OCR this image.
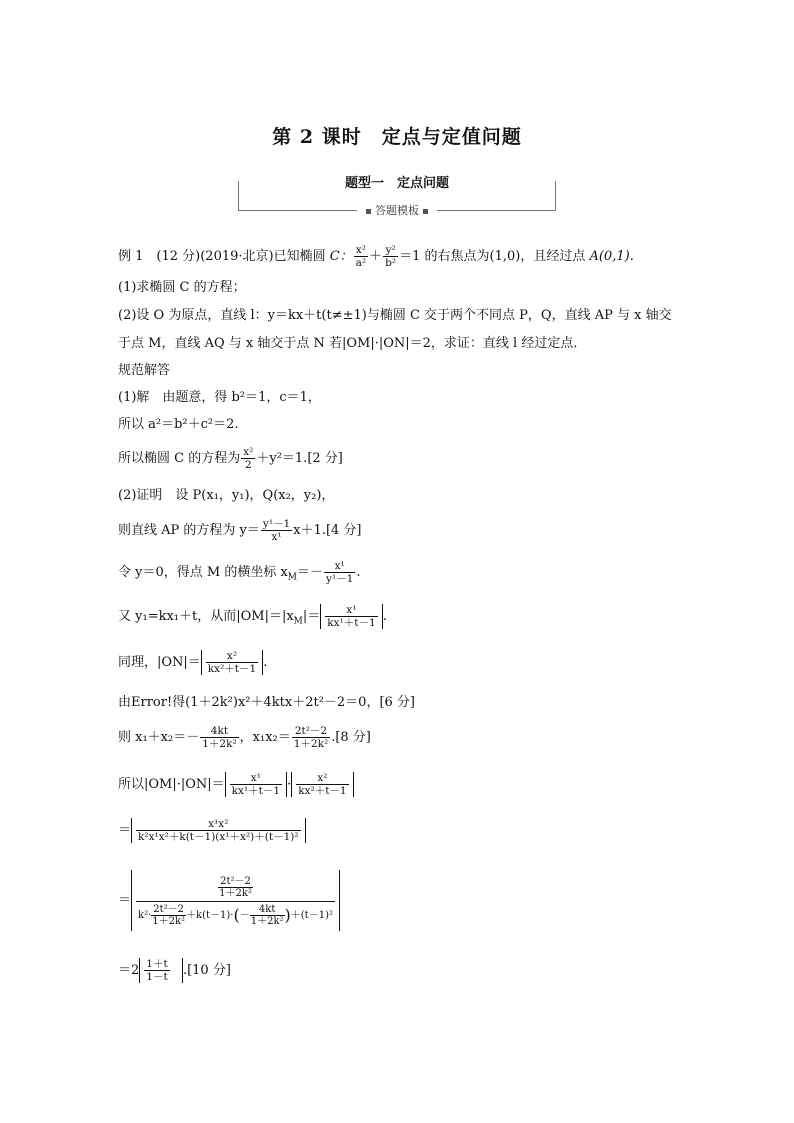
第 2 课时　定点与定值问题
题型一　定点问题
答题模板
例 1　(12 分)(2019·北京)已知椭圆 C： $\frac{\text{x²}}{\text{a²}} + \frac{\text{y²}}{\text{b²}} =1$ 的右焦点为(1,0)，且经过点 A(0,1)．
(1)求椭圆 C 的方程；
(2)设 O 为原点，直线 l：y＝kx＋t(t≠±1)与椭圆 C 交于两个不同点 P，Q，直线 AP 与 x 轴交
于点 M，直线 AQ 与 x 轴交于点 N 若|OM|·|ON|＝2，求证：直线 l 经过定点．
规范解答
(1)解　由题意，得 b²＝1，c＝1，
所以 a²＝b²＋c²＝2.
所以椭圆 C 的方程为 $\frac{\text{x²}}{2} +y^2=1.[2$ 分]
(2)证明　设 P(x₁，y₁)，Q(x₂，y₂)，
则直线 AP 的方程为 $y= \frac{\text{y¹－1}}{\text{x¹}} x+1.[4$ 分]
令 y＝0，得点 M 的横坐标 $x_M=- \frac{\text{x¹}}{\text{y¹－1}}$ .
又 y₁=kx₁＋t，从而$|OM|=|x_M|= \frac{\text{x¹}}{\text{kx¹＋t－1}}$ .
同理，$|ON|= \frac{\text{x²}}{\text{kx²＋t－1}}$ .
由Error!得(1＋2k²)x²＋4ktx＋2t²－2＝0，[6 分]
则 $x_1+x_2=- \frac{4kt}{\text{1＋2k²}}$ ，$x_1x_2= \frac{\text{2t²－2}}{\text{1＋2k²}} .[8$ 分]
所以$|OM|\cdot|ON|= \frac{\text{x¹}}{\text{kx¹＋t－1}} \cdot \frac{\text{x²}}{\text{kx²＋t－1}}$
＝ $\frac{\text{x¹x²}}{\text{k²x¹x²＋k(t－1)(x¹＋x²)＋(t－1)²}}$
＝ $\frac{\frac{\text{2t²－2}}{\text{1＋2k²}}}{k^2\cdot \frac{\text{2t²－2}}{\text{1＋2k²}} +k(t-1)\cdot(- \frac{4kt}{\text{1＋2k²}} )+(t-1)^2}$
$=2 \frac{1+t}{1-t} .[10$ 分]
